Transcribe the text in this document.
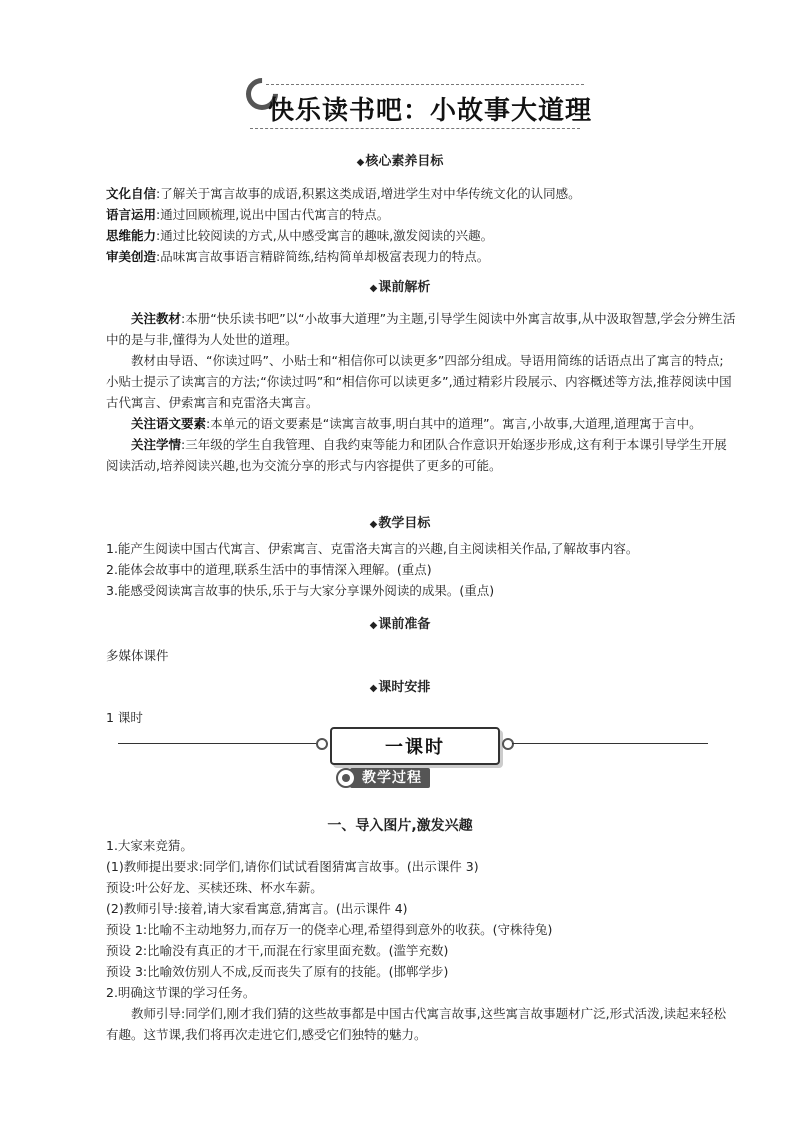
快乐读书吧：小故事大道理
◆核心素养目标
文化自信:了解关于寓言故事的成语,积累这类成语,增进学生对中华传统文化的认同感。
语言运用:通过回顾梳理,说出中国古代寓言的特点。
思维能力:通过比较阅读的方式,从中感受寓言的趣味,激发阅读的兴趣。
审美创造:品味寓言故事语言精辟简练,结构简单却极富表现力的特点。
◆课前解析
关注教材:本册“快乐读书吧”以“小故事大道理”为主题,引导学生阅读中外寓言故事,从中汲取智慧,学会分辨生活中的是与非,懂得为人处世的道理。
教材由导语、“你读过吗”、小贴士和“相信你可以读更多”四部分组成。导语用简练的话语点出了寓言的特点;小贴士提示了读寓言的方法;“你读过吗”和“相信你可以读更多”,通过精彩片段展示、内容概述等方法,推荐阅读中国古代寓言、伊索寓言和克雷洛夫寓言。
关注语文要素:本单元的语文要素是“读寓言故事,明白其中的道理”。寓言,小故事,大道理,道理寓于言中。
关注学情:三年级的学生自我管理、自我约束等能力和团队合作意识开始逐步形成,这有利于本课引导学生开展阅读活动,培养阅读兴趣,也为交流分享的形式与内容提供了更多的可能。
◆教学目标
1.能产生阅读中国古代寓言、伊索寓言、克雷洛夫寓言的兴趣,自主阅读相关作品,了解故事内容。
2.能体会故事中的道理,联系生活中的事情深入理解。(重点)
3.能感受阅读寓言故事的快乐,乐于与大家分享课外阅读的成果。(重点)
◆课前准备
多媒体课件
◆课时安排
1 课时
一课时
教学过程
一、导入图片,激发兴趣
1.大家来竞猜。
(1)教师提出要求:同学们,请你们试试看图猜寓言故事。(出示课件 3)
预设:叶公好龙、买椟还珠、杯水车薪。
(2)教师引导:接着,请大家看寓意,猜寓言。(出示课件 4)
预设 1:比喻不主动地努力,而存万一的侥幸心理,希望得到意外的收获。(守株待兔)
预设 2:比喻没有真正的才干,而混在行家里面充数。(滥竽充数)
预设 3:比喻效仿别人不成,反而丧失了原有的技能。(邯郸学步)
2.明确这节课的学习任务。
教师引导:同学们,刚才我们猜的这些故事都是中国古代寓言故事,这些寓言故事题材广泛,形式活泼,读起来轻松有趣。这节课,我们将再次走进它们,感受它们独特的魅力。
